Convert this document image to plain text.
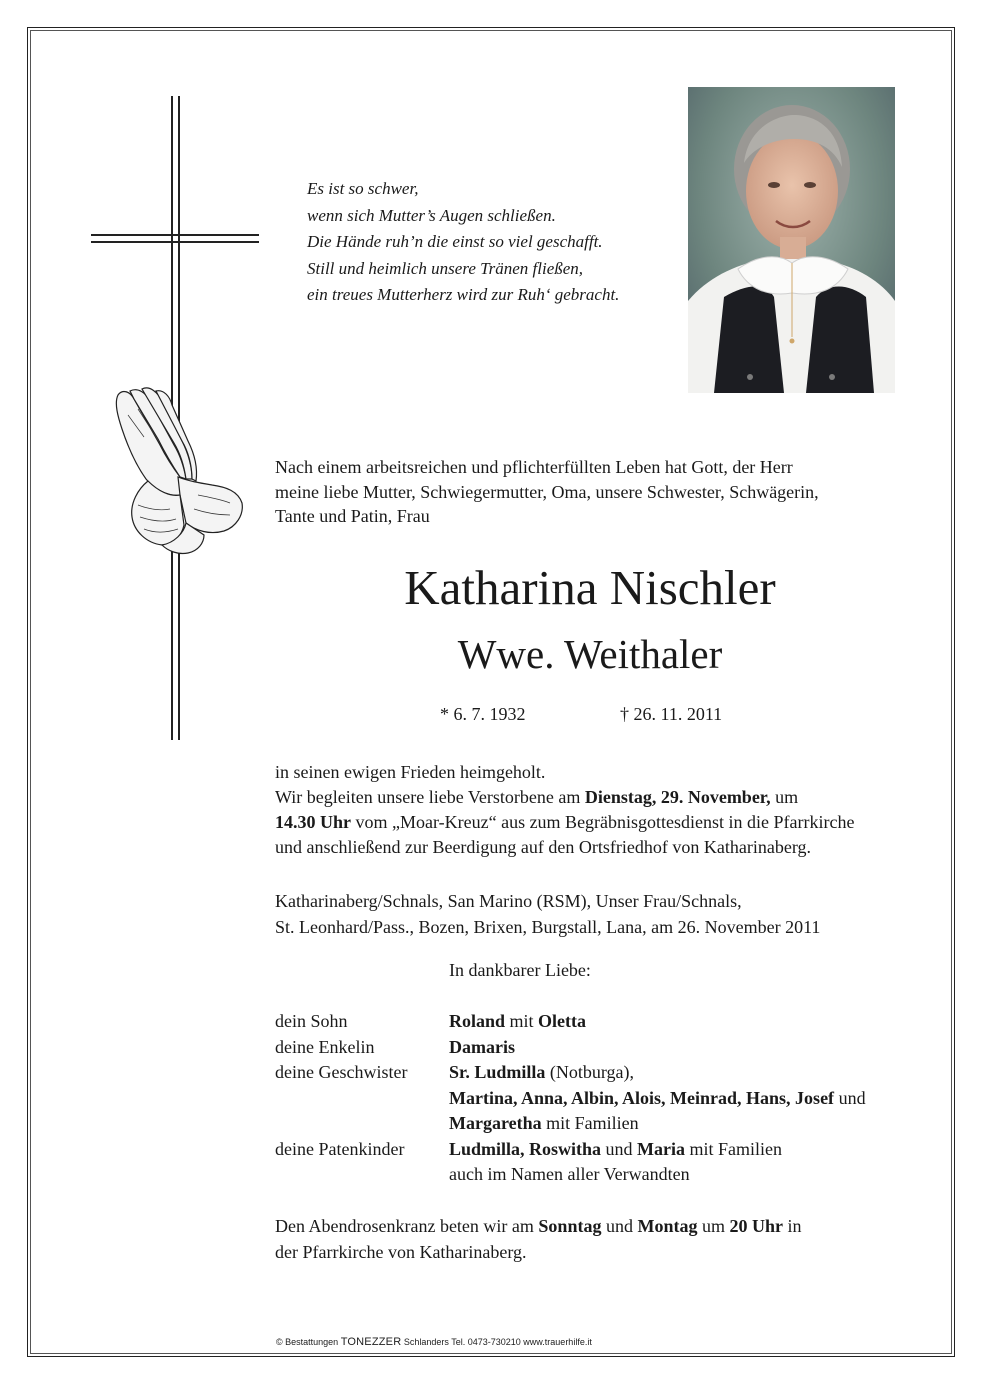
Es ist so schwer,
wenn sich Mutter’s Augen schließen.
Die Hände ruh’n die einst so viel geschafft.
Still und heimlich unsere Tränen fließen,
ein treues Mutterherz wird zur Ruh‘ gebracht.
Nach einem arbeitsreichen und pflichterfüllten Leben hat Gott, der Herr
meine liebe Mutter, Schwiegermutter, Oma, unsere Schwester, Schwägerin,
Tante und Patin, Frau
Katharina Nischler
Wwe. Weithaler
* 6. 7. 1932	† 26. 11. 2011
in seinen ewigen Frieden heimgeholt.
Wir begleiten unsere liebe Verstorbene am Dienstag, 29. November, um
14.30 Uhr vom „Moar-Kreuz“ aus zum Begräbnisgottesdienst in die Pfarrkirche
und anschließend zur Beerdigung auf den Ortsfriedhof von Katharinaberg.
Katharinaberg/Schnals, San Marino (RSM), Unser Frau/Schnals,
St. Leonhard/Pass., Bozen, Brixen, Burgstall, Lana, am 26. November 2011
In dankbarer Liebe:
dein Sohn	Roland mit Oletta
deine Enkelin	Damaris
deine Geschwister	Sr. Ludmilla (Notburga),
Martina, Anna, Albin, Alois, Meinrad, Hans, Josef und
Margaretha mit Familien
deine Patenkinder	Ludmilla, Roswitha und Maria mit Familien
auch im Namen aller Verwandten
Den Abendrosenkranz beten wir am Sonntag und Montag um 20 Uhr in
der Pfarrkirche von Katharinaberg.
© Bestattungen TONEZZER Schlanders Tel. 0473-730210 www.trauerhilfe.it
